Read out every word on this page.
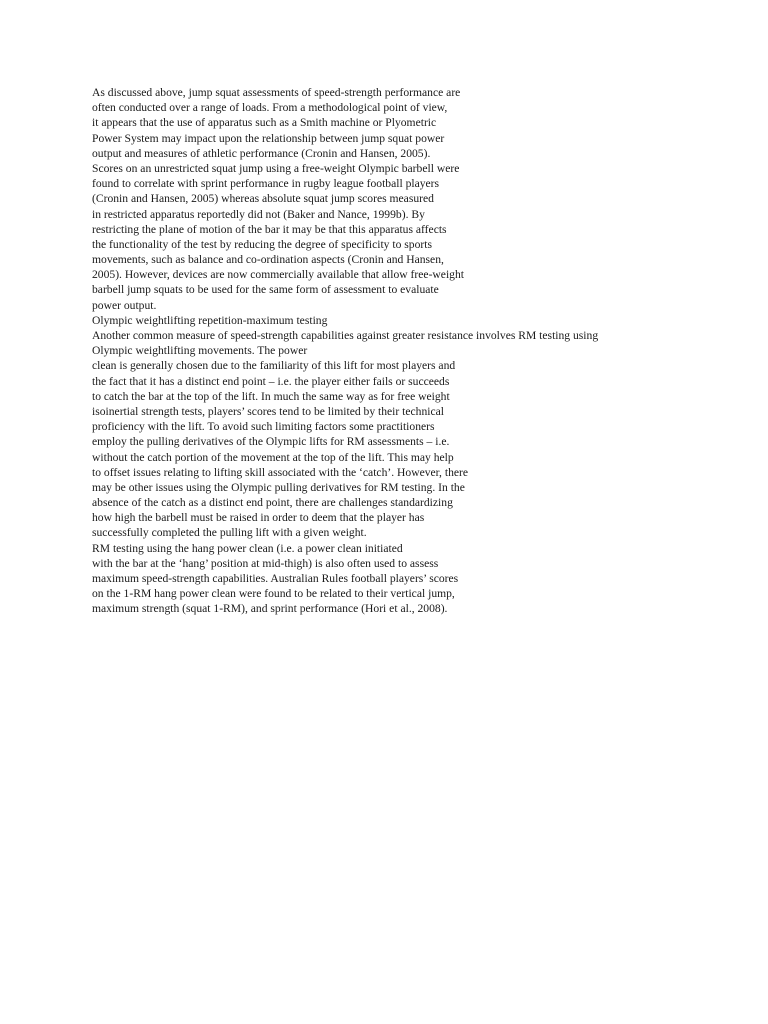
As discussed above, jump squat assessments of speed-strength performance are
often conducted over a range of loads. From a methodological point of view,
it appears that the use of apparatus such as a Smith machine or Plyometric
Power System may impact upon the relationship between jump squat power
output and measures of athletic performance (Cronin and Hansen, 2005).
Scores on an unrestricted squat jump using a free-weight Olympic barbell were
found to correlate with sprint performance in rugby league football players
(Cronin and Hansen, 2005) whereas absolute squat jump scores measured
in restricted apparatus reportedly did not (Baker and Nance, 1999b). By
restricting the plane of motion of the bar it may be that this apparatus affects
the functionality of the test by reducing the degree of specificity to sports
movements, such as balance and co-ordination aspects (Cronin and Hansen,
2005). However, devices are now commercially available that allow free-weight
barbell jump squats to be used for the same form of assessment to evaluate
power output.
Olympic weightlifting repetition-maximum testing
Another common measure of speed-strength capabilities against greater resistance involves RM testing using
Olympic weightlifting movements. The power
clean is generally chosen due to the familiarity of this lift for most players and
the fact that it has a distinct end point – i.e. the player either fails or succeeds
to catch the bar at the top of the lift. In much the same way as for free weight
isoinertial strength tests, players’ scores tend to be limited by their technical
proficiency with the lift. To avoid such limiting factors some practitioners
employ the pulling derivatives of the Olympic lifts for RM assessments – i.e.
without the catch portion of the movement at the top of the lift. This may help
to offset issues relating to lifting skill associated with the ‘catch’. However, there
may be other issues using the Olympic pulling derivatives for RM testing. In the
absence of the catch as a distinct end point, there are challenges standardizing
how high the barbell must be raised in order to deem that the player has
successfully completed the pulling lift with a given weight.
RM testing using the hang power clean (i.e. a power clean initiated
with the bar at the ‘hang’ position at mid-thigh) is also often used to assess
maximum speed-strength capabilities. Australian Rules football players’ scores
on the 1-RM hang power clean were found to be related to their vertical jump,
maximum strength (squat 1-RM), and sprint performance (Hori et al., 2008).
